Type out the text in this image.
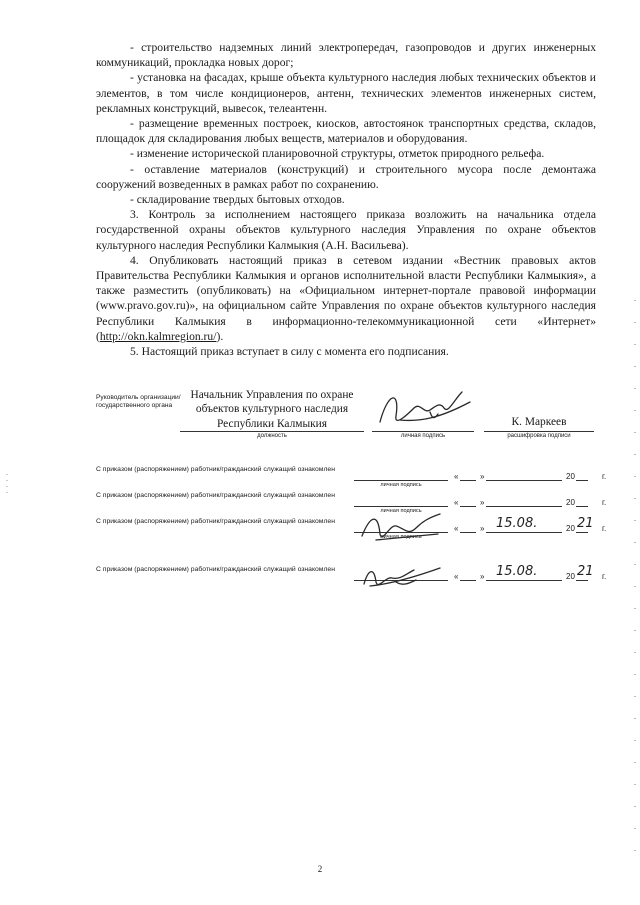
- строительство надземных линий электропередач, газопроводов и других инженерных коммуникаций, прокладка новых дорог;

- установка на фасадах, крыше объекта культурного наследия любых технических объектов и элементов, в том числе кондиционеров, антенн, технических элементов инженерных систем, рекламных конструкций, вывесок, телеантенн.

- размещение временных построек, киосков, автостоянок транспортных средства, складов, площадок для складирования любых веществ, материалов и оборудования.

- изменение исторической планировочной структуры, отметок природного рельефа.

- оставление материалов (конструкций) и строительного мусора после демонтажа сооружений возведенных в рамках работ по сохранению.

- складирование твердых бытовых отходов.

3. Контроль за исполнением настоящего приказа возложить на начальника отдела государственной охраны объектов культурного наследия Управления по охране объектов культурного наследия Республики Калмыкия (А.Н. Васильева).

4. Опубликовать настоящий приказ в сетевом издании «Вестник правовых актов Правительства Республики Калмыкия и органов исполнительной власти Республики Калмыкия», а также разместить (опубликовать) на «Официальном интернет-портале правовой информации (www.pravo.gov.ru)», на официальном сайте Управления по охране объектов культурного наследия Республики Калмыкия в информационно-телекоммуникационной сети «Интернет» (http://okn.kalmregion.ru/).

5. Настоящий приказ вступает в силу с момента его подписания.

Руководитель организации/государственного органа
Начальник Управления по охране объектов культурного наследия Республики Калмыкия
должность	личная подпись
К. Маркеев
расшифровка подписи
С приказом (распоряжением) работник/гражданский служащий ознакомлен
личная подпись
«	»	20	г.
С приказом (распоряжением) работник/гражданский служащий ознакомлен
личная подпись
«	»	20	г.
С приказом (распоряжением) работник/гражданский служащий ознакомлен
личная подпись
«	» 15.08.	20 21 г.
С приказом (распоряжением) работник/гражданский служащий ознакомлен
«	» 15.08.	20 21 г.
2
